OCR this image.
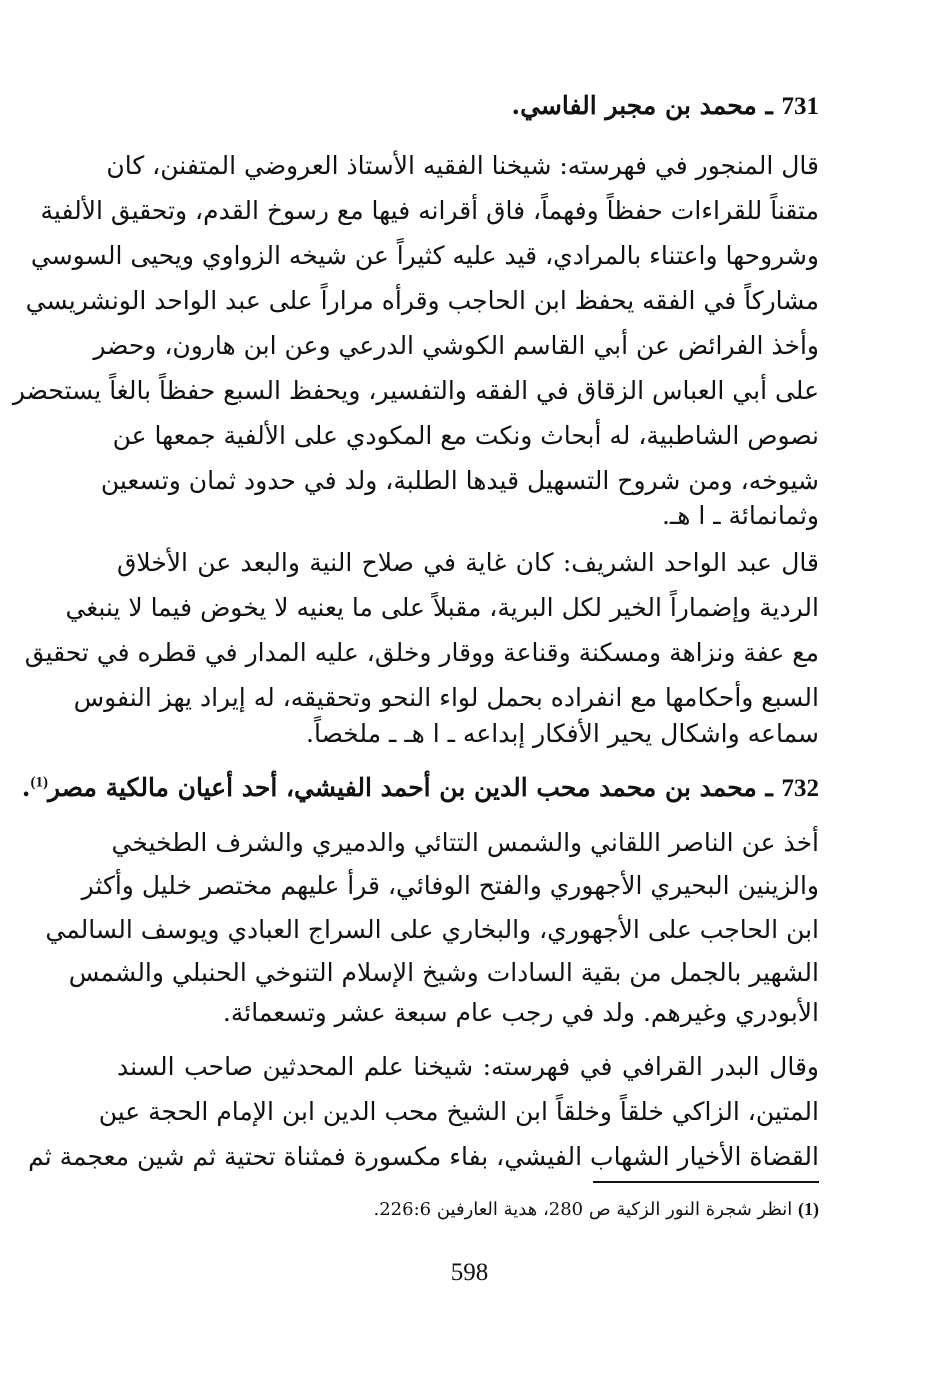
731 ـ محمد بن مجبر الفاسي.
قال المنجور في فهرسته: شيخنا الفقيه الأستاذ العروضي المتفنن، كان
متقناً للقراءات حفظاً وفهماً، فاق أقرانه فيها مع رسوخ القدم، وتحقيق الألفية
وشروحها واعتناء بالمرادي، قيد عليه كثيراً عن شيخه الزواوي ويحيى السوسي
مشاركاً في الفقه يحفظ ابن الحاجب وقرأه مراراً على عبد الواحد الونشريسي
وأخذ الفرائض عن أبي القاسم الكوشي الدرعي وعن ابن هارون، وحضر
على أبي العباس الزقاق في الفقه والتفسير، ويحفظ السبع حفظاً بالغاً يستحضر
نصوص الشاطبية، له أبحاث ونكت مع المكودي على الألفية جمعها عن
شيوخه، ومن شروح التسهيل قيدها الطلبة، ولد في حدود ثمان وتسعين
وثمانمائة ـ ا هـ.
قال عبد الواحد الشريف: كان غاية في صلاح النية والبعد عن الأخلاق
الردية وإضماراً الخير لكل البرية، مقبلاً على ما يعنيه لا يخوض فيما لا ينبغي
مع عفة ونزاهة ومسكنة وقناعة ووقار وخلق، عليه المدار في قطره في تحقيق
السبع وأحكامها مع انفراده بحمل لواء النحو وتحقيقه، له إيراد يهز النفوس
سماعه واشكال يحير الأفكار إبداعه ـ ا هـ ـ ملخصاً.
732 ـ محمد بن محمد محب الدين بن أحمد الفيشي، أحد أعيان مالكية مصر$^{(1)}$.
أخذ عن الناصر اللقاني والشمس التتائي والدميري والشرف الطخيخي
والزينين البحيري الأجهوري والفتح الوفائي، قرأ عليهم مختصر خليل وأكثر
ابن الحاجب على الأجهوري، والبخاري على السراج العبادي ويوسف السالمي
الشهير بالجمل من بقية السادات وشيخ الإسلام التنوخي الحنبلي والشمس
الأبودري وغيرهم. ولد في رجب عام سبعة عشر وتسعمائة.
وقال البدر القرافي في فهرسته: شيخنا علم المحدثين صاحب السند
المتين، الزاكي خلقاً وخلقاً ابن الشيخ محب الدين ابن الإمام الحجة عين
القضاة الأخيار الشهاب الفيشي، بفاء مكسورة فمثناة تحتية ثم شين معجمة ثم
(1) انظر شجرة النور الزكية ص 280، هدية العارفين 226:6.
598
